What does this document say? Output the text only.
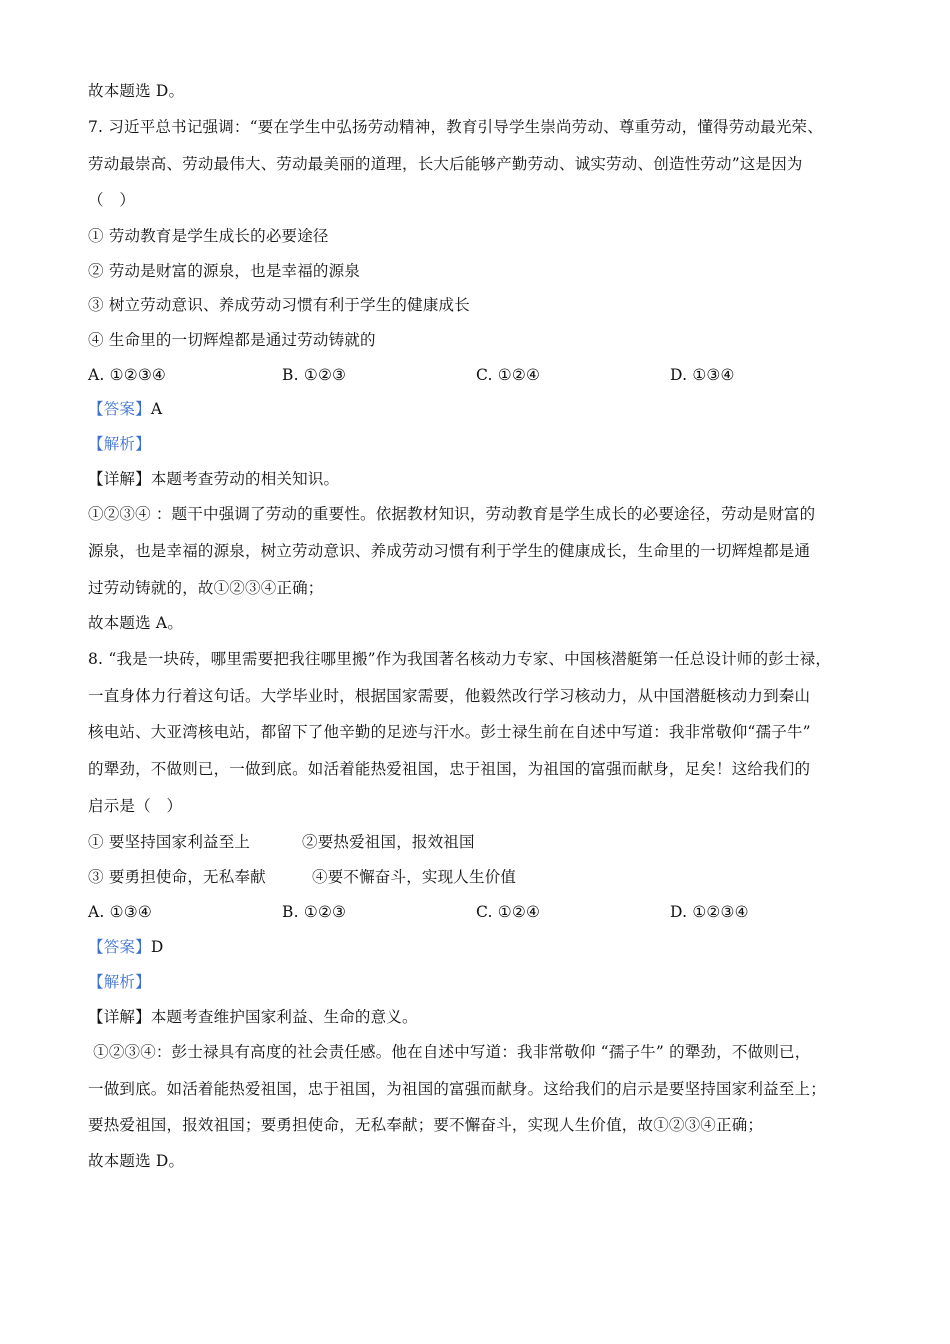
故本题选 D。
7. 习近平总书记强调：“要在学生中弘扬劳动精神，教育引导学生崇尚劳动、尊重劳动，懂得劳动最光荣、
劳动最崇高、劳动最伟大、劳动最美丽的道理，长大后能够产勤劳动、诚实劳动、创造性劳动”这是因为
（　）
① 劳动教育是学生成长的必要途径
② 劳动是财富的源泉，也是幸福的源泉
③ 树立劳动意识、养成劳动习惯有利于学生的健康成长
④ 生命里的一切辉煌都是通过劳动铸就的
A. ①②③④	B. ①②③	C. ①②④	D. ①③④
【答案】A
【解析】
【详解】本题考查劳动的相关知识。
①②③④ ：题干中强调了劳动的重要性。依据教材知识，劳动教育是学生成长的必要途径，劳动是财富的
源泉，也是幸福的源泉，树立劳动意识、养成劳动习惯有利于学生的健康成长，生命里的一切辉煌都是通
过劳动铸就的，故①②③④正确；
故本题选 A。
8. “我是一块砖，哪里需要把我往哪里搬”作为我国著名核动力专家、中国核潜艇第一任总设计师的彭士禄，
一直身体力行着这句话。大学毕业时，根据国家需要，他毅然改行学习核动力，从中国潜艇核动力到秦山
核电站、大亚湾核电站，都留下了他辛勤的足迹与汗水。彭士禄生前在自述中写道：我非常敬仰“孺子牛”
的犟劲，不做则已，一做到底。如活着能热爱祖国，忠于祖国，为祖国的富强而献身，足矣！这给我们的
启示是（　）
① 要坚持国家利益至上	②要热爱祖国，报效祖国
③ 要勇担使命，无私奉献	④要不懈奋斗，实现人生价值
A. ①③④	B. ①②③	C. ①②④	D. ①②③④
【答案】D
【解析】
【详解】本题考查维护国家利益、生命的意义。
①②③④：彭士禄具有高度的社会责任感。他在自述中写道：我非常敬仰 “孺子牛” 的犟劲，不做则已，
一做到底。如活着能热爱祖国，忠于祖国，为祖国的富强而献身。这给我们的启示是要坚持国家利益至上；
要热爱祖国，报效祖国；要勇担使命，无私奉献；要不懈奋斗，实现人生价值，故①②③④正确；
故本题选 D。
